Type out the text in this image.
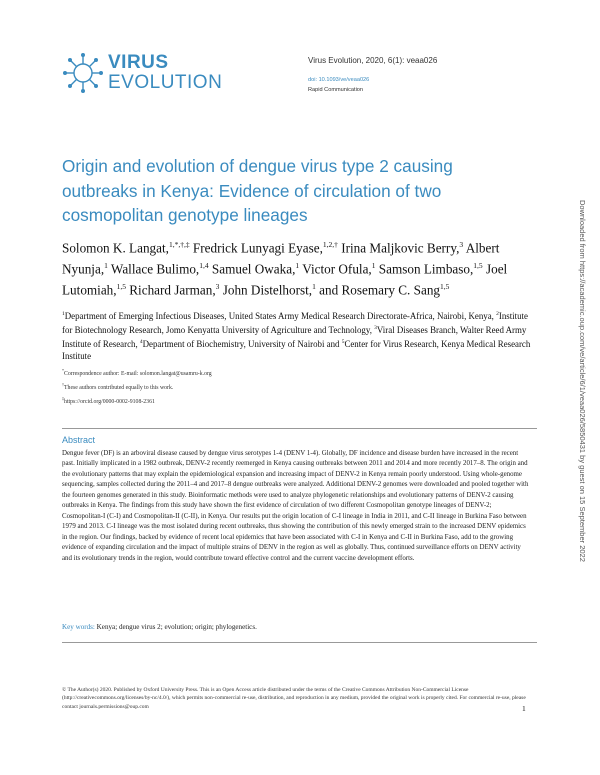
VIRUS
EVOLUTION
Virus Evolution, 2020, 6(1): veaa026
doi: 10.1093/ve/veaa026
Rapid Communication
Origin and evolution of dengue virus type 2 causing outbreaks in Kenya: Evidence of circulation of two cosmopolitan genotype lineages
Solomon K. Langat,$^{1,*,\dagger,\ddagger}$ Fredrick Lunyagi Eyase,$^{1,2,\dagger}$ Irina Maljkovic Berry,$^3$ Albert Nyunja,$^1$ Wallace Bulimo,$^{1,4}$ Samuel Owaka,$^1$ Victor Ofula,$^1$ Samson Limbaso,$^{1,5}$ Joel Lutomiah,$^{1,5}$ Richard Jarman,$^3$ John Distelhorst,$^1$ and Rosemary C. Sang$^{1,5}$
$^1$Department of Emerging Infectious Diseases, United States Army Medical Research Directorate-Africa, Nairobi, Kenya, $^2$Institute for Biotechnology Research, Jomo Kenyatta University of Agriculture and Technology, $^3$Viral Diseases Branch, Walter Reed Army Institute of Research, $^4$Department of Biochemistry, University of Nairobi and $^5$Center for Virus Research, Kenya Medical Research Institute
*Correspondence author: E-mail: solomon.langat@usamru-k.org
†These authors contributed equally to this work.
‡https://orcid.org/0000-0002-9108-2361
Abstract

Dengue fever (DF) is an arboviral disease caused by dengue virus serotypes 1-4 (DENV 1-4). Globally, DF incidence and disease burden have increased in the recent past. Initially implicated in a 1982 outbreak, DENV-2 recently reemerged in Kenya causing outbreaks between 2011 and 2014 and more recently 2017–8. The origin and the evolutionary patterns that may explain the epidemiological expansion and increasing impact of DENV-2 in Kenya remain poorly understood. Using whole-genome sequencing, samples collected during the 2011–4 and 2017–8 dengue outbreaks were analyzed. Additional DENV-2 genomes were downloaded and pooled together with the fourteen genomes generated in this study. Bioinformatic methods were used to analyze phylogenetic relationships and evolutionary patterns of DENV-2 causing outbreaks in Kenya. The findings from this study have shown the first evidence of circulation of two different Cosmopolitan genotype lineages of DENV-2; Cosmopolitan-I (C-I) and Cosmopolitan-II (C-II), in Kenya. Our results put the origin location of C-I lineage in India in 2011, and C-II lineage in Burkina Faso between 1979 and 2013. C-I lineage was the most isolated during recent outbreaks, thus showing the contribution of this newly emerged strain to the increased DENV epidemics in the region. Our findings, backed by evidence of recent local epidemics that have been associated with C-I in Kenya and C-II in Burkina Faso, add to the growing evidence of expanding circulation and the impact of multiple strains of DENV in the region as well as globally. Thus, continued surveillance efforts on DENV activity and its evolutionary trends in the region, would contribute toward effective control and the current vaccine development efforts.

Key words: Kenya; dengue virus 2; evolution; origin; phylogenetics.
© The Author(s) 2020. Published by Oxford University Press. This is an Open Access article distributed under the terms of the Creative Commons Attribution Non-Commercial License (http://creativecommons.org/licenses/by-nc/4.0/), which permits non-commercial re-use, distribution, and reproduction in any medium, provided the original work is properly cited. For commercial re-use, please contact journals.permissions@oup.com	1
Downloaded from https://academic.oup.com/ve/article/6/1/veaa026/5850431 by guest on 15 September 2022
